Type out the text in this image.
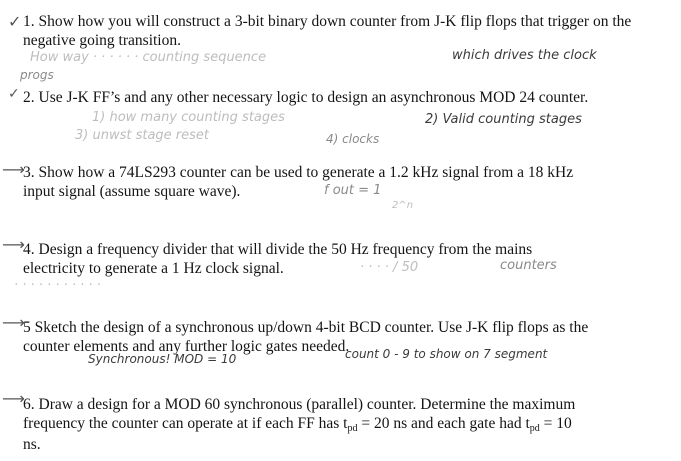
✓
✓
⟶
⟶
⟶
⟶

1. Show how you will construct a 3-bit binary down counter from J-K flip flops that trigger on the negative going transition.

How way · · · · · · counting sequence	which drives the clock
progs

2. Use J-K FF’s and any other necessary logic to design an asynchronous MOD 24 counter.

1) how many counting stages	2) Valid counting stages
3) unwst stage reset	4) clocks

3. Show how a 74LS293 counter can be used to generate a 1.2 kHz signal from a 18 kHz input signal (assume square wave).	f out = 1
2^n

4. Design a frequency divider that will divide the 50 Hz frequency from the mains electricity to generate a 1 Hz clock signal.	· · · · / 50	counters
· · · · · · · · · · ·

5 Sketch the design of a synchronous up/down 4-bit BCD counter. Use J-K flip flops as the counter elements and any further logic gates needed.

Synchronous! MOD = 10	count 0 - 9 to show on 7 segment

6. Draw a design for a MOD 60 synchronous (parallel) counter. Determine the maximum frequency the counter can operate at if each FF has tpd = 20 ns and each gate had tpd = 10 ns.
